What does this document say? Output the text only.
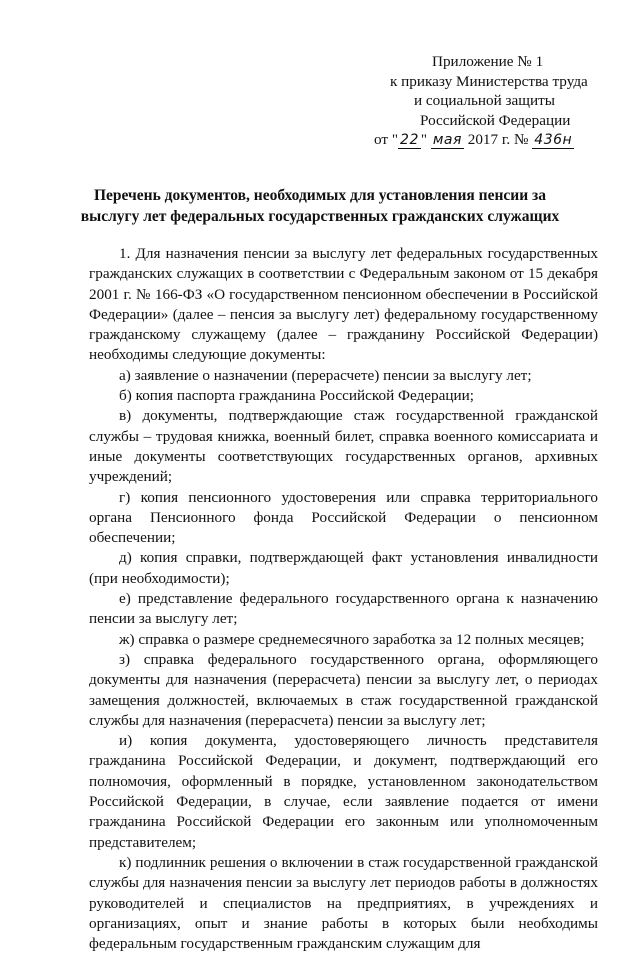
Приложение № 1
к приказу Министерства труда
и социальной защиты
Российской Федерации
от " 22 " мая 2017 г. № 436н
Перечень документов, необходимых для установления пенсии за
выслугу лет федеральных государственных гражданских служащих

1. Для назначения пенсии за выслугу лет федеральных государственных гражданских служащих в соответствии с Федеральным законом от 15 декабря 2001 г. № 166-ФЗ «О государственном пенсионном обеспечении в Российской Федерации» (далее – пенсия за выслугу лет) федеральному государственному гражданскому служащему (далее – гражданину Российской Федерации) необходимы следующие документы:

а) заявление о назначении (перерасчете) пенсии за выслугу лет;

б) копия паспорта гражданина Российской Федерации;

в) документы, подтверждающие стаж государственной гражданской службы – трудовая книжка, военный билет, справка военного комиссариата и иные документы соответствующих государственных органов, архивных учреждений;

г) копия пенсионного удостоверения или справка территориального органа Пенсионного фонда Российской Федерации о пенсионном обеспечении;

д) копия справки, подтверждающей факт установления инвалидности (при необходимости);

е) представление федерального государственного органа к назначению пенсии за выслугу лет;

ж) справка о размере среднемесячного заработка за 12 полных месяцев;

з) справка федерального государственного органа, оформляющего документы для назначения (перерасчета) пенсии за выслугу лет, о периодах замещения должностей, включаемых в стаж государственной гражданской службы для назначения (перерасчета) пенсии за выслугу лет;

и) копия документа, удостоверяющего личность представителя гражданина Российской Федерации, и документ, подтверждающий его полномочия, оформленный в порядке, установленном законодательством Российской Федерации, в случае, если заявление подается от имени гражданина Российской Федерации его законным или уполномоченным представителем;

к) подлинник решения о включении в стаж государственной гражданской службы для назначения пенсии за выслугу лет периодов работы в должностях руководителей и специалистов на предприятиях, в учреждениях и организациях, опыт и знание работы в которых были необходимы федеральным государственным гражданским служащим для
